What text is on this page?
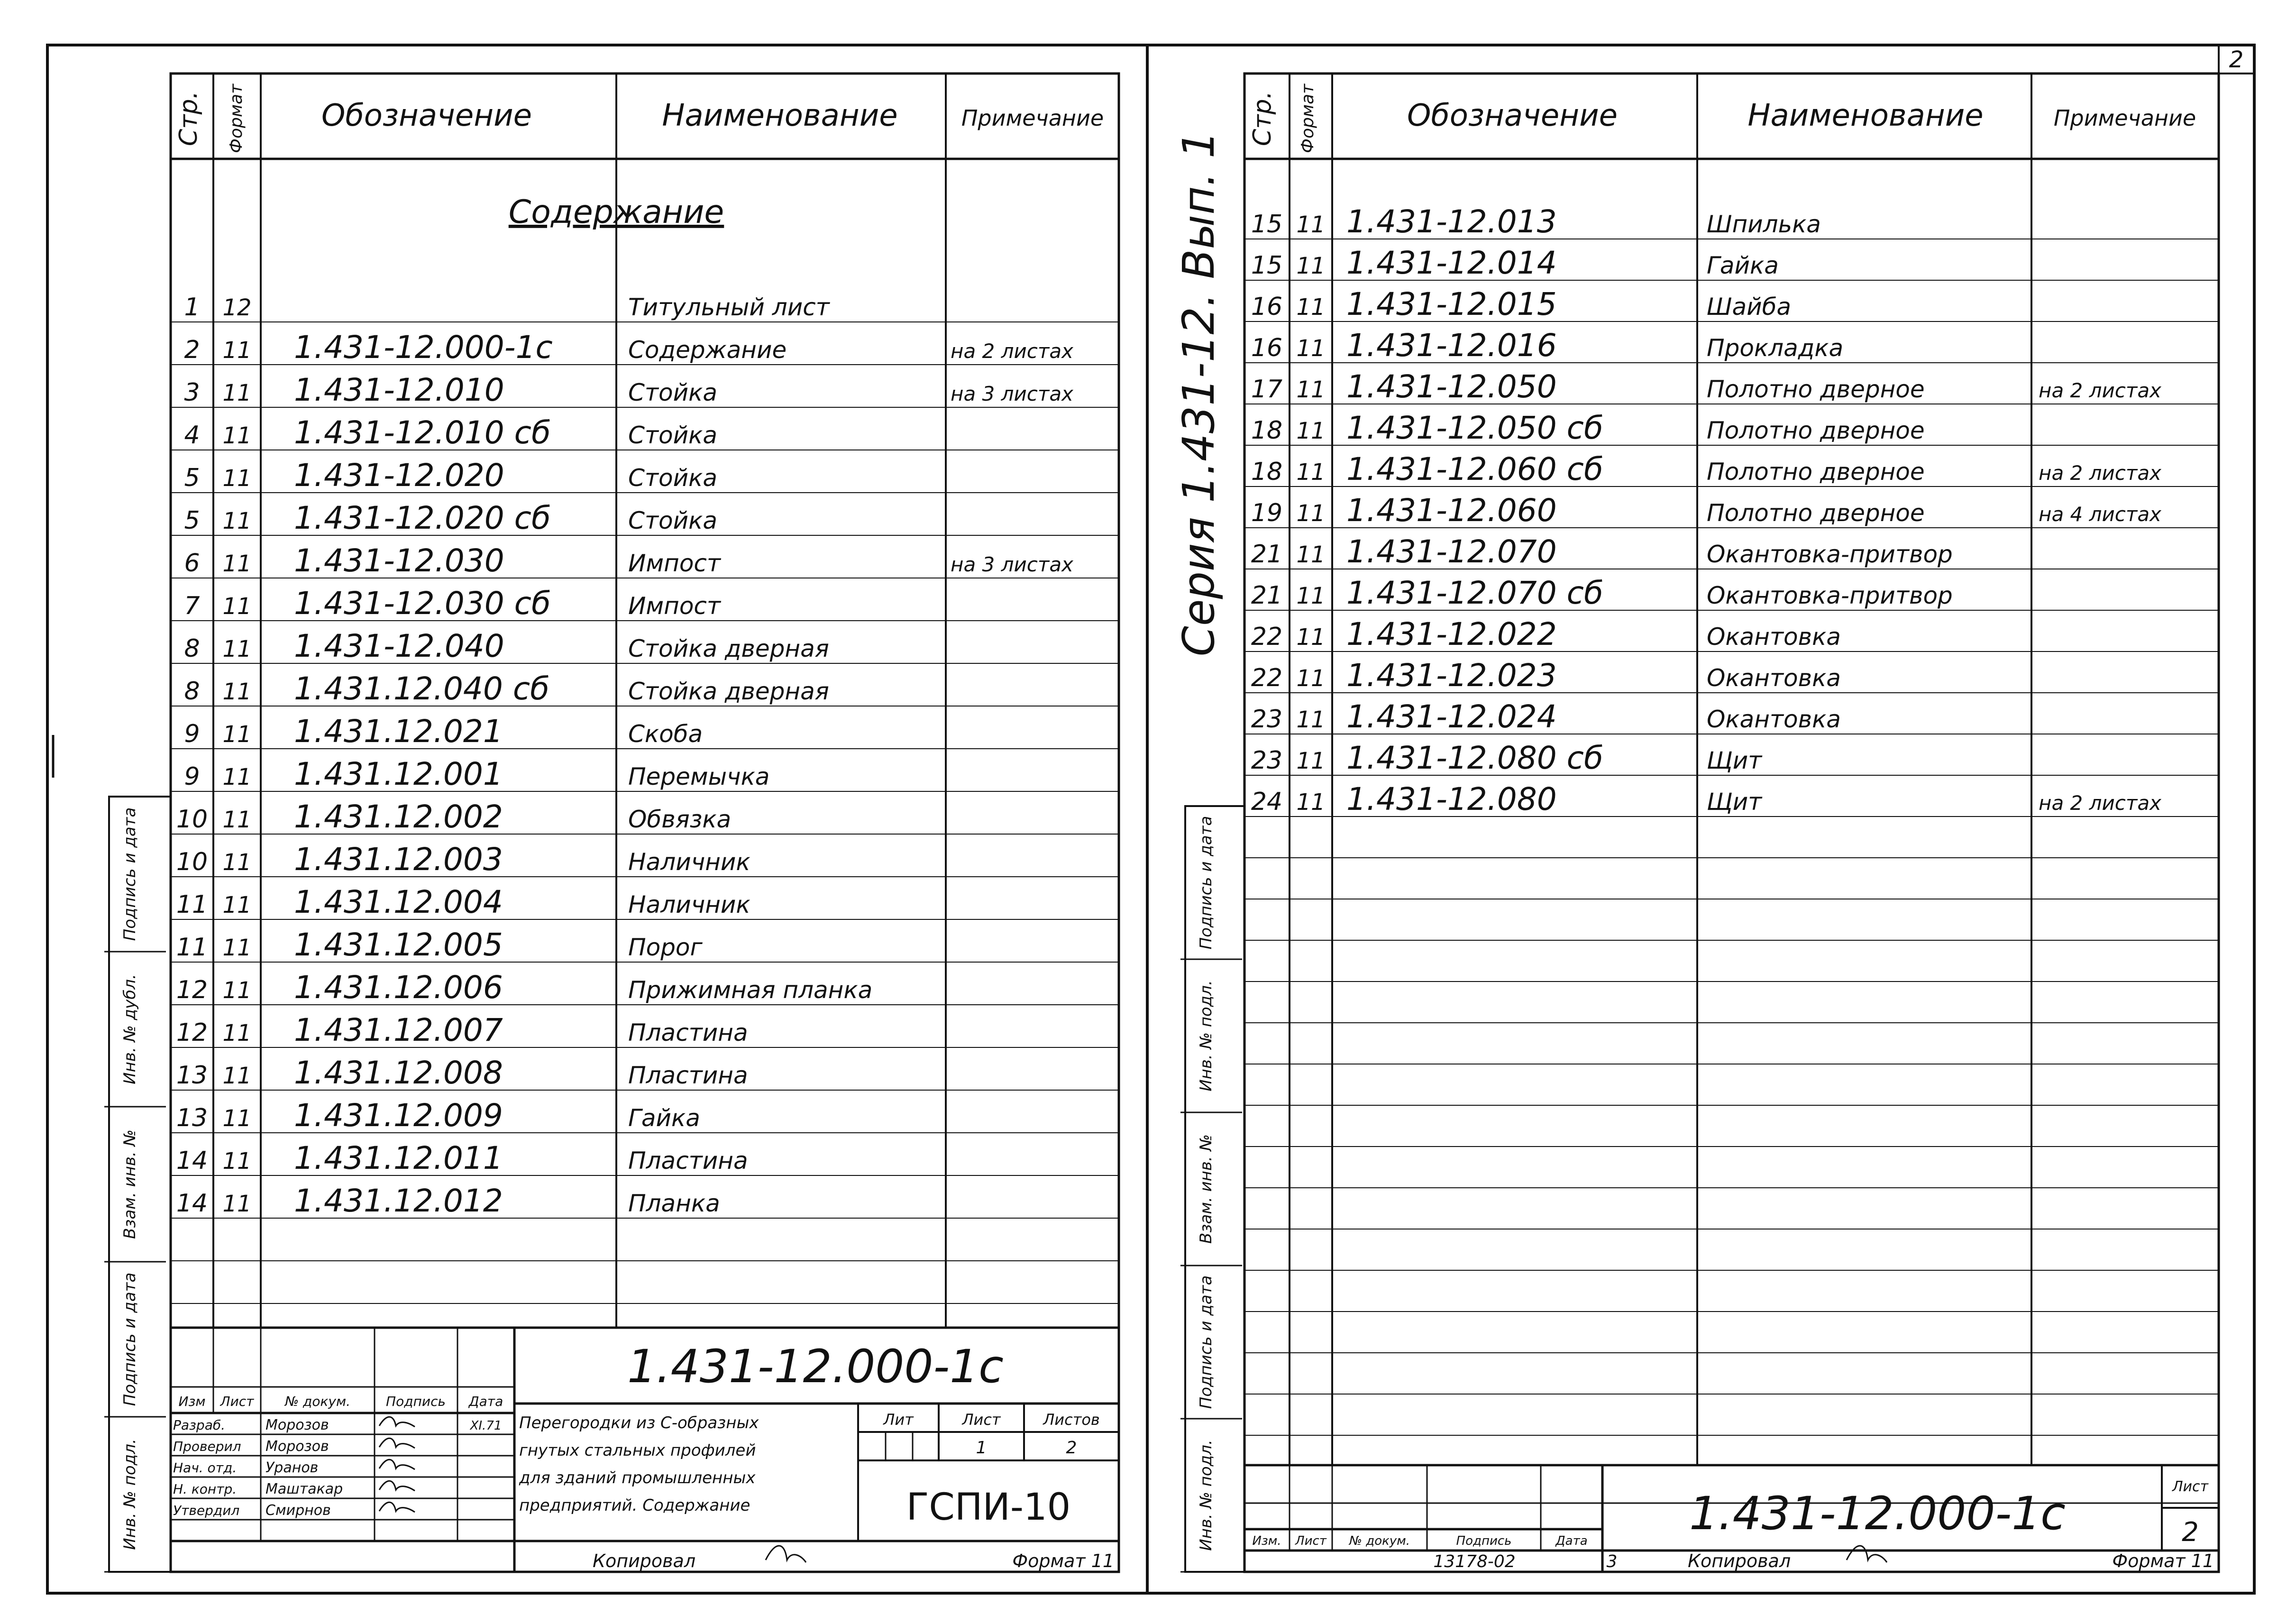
2
Стр. Формат Обозначение	Наименование	Примечание
Содержание
1 12	Титульный лист
2 11 1.431-12.000-1с	Содержание	на 2 листах
3 11 1.431-12.010	Стойка	на 3 листах
4 11 1.431-12.010 сб	Стойка
5 11 1.431-12.020	Стойка
5 11 1.431-12.020 сб	Стойка
6 11 1.431-12.030	Импост	на 3 листах
7 11 1.431-12.030 сб	Импост
8 11 1.431-12.040	Стойка дверная
8 11 1.431.12.040 сб	Стойка дверная
9 11 1.431.12.021	Скоба
9 11 1.431.12.001	Перемычка
10 11 1.431.12.002	Обвязка
10 11 1.431.12.003	Наличник
11 11 1.431.12.004	Наличник
11 11 1.431.12.005	Порог
12 11 1.431.12.006	Прижимная планка
12 11 1.431.12.007	Пластина
13 11 1.431.12.008	Пластина
13 11 1.431.12.009	Гайка
14 11 1.431.12.011	Пластина
14 11 1.431.12.012	Планка
Подпись и дата
Инв. № дубл.
Взам. инв. №
Подпись и дата
Инв. № подл.
1.431-12.000-1с
Изм Лист № докум.	Подпись Дата
Разраб.	Морозов
Проверил Морозов
Нач. отд. Уранов
Н. контр. Маштакар
Утвердил Смирнов
XI.71 Перегородки из С-образных
гнутых стальных профилей
для зданий промышленных
предприятий. Содержание
Лит	Лист	Листов
1	2
ГСПИ-10
Копировал	Формат 11
Серия 1.431-12. Вып. 1
Стр. Формат	Обозначение	Наименование	Примечание
15 11 1.431-12.013	Шпилька
15 11 1.431-12.014	Гайка
16 11 1.431-12.015	Шайба
16 11 1.431-12.016	Прокладка
17 11 1.431-12.050	Полотно дверное	на 2 листах
18 11 1.431-12.050 сб	Полотно дверное
18 11 1.431-12.060 сб	Полотно дверное	на 2 листах
19 11 1.431-12.060	Полотно дверное	на 4 листах
21 11 1.431-12.070	Окантовка-притвор
21 11 1.431-12.070 сб	Окантовка-притвор
22 11 1.431-12.022	Окантовка
22 11 1.431-12.023	Окантовка
23 11 1.431-12.024	Окантовка
23 11 1.431-12.080 сб	Щит
24 11 1.431-12.080	Щит	на 2 листах
Подпись и дата
Инв. № подл.
Взам. инв. №
Подпись и дата
Инв. № подл.	1.431-12.000-1с
Лист
2
Изм. Лист № докум.	Подпись	Дата
13178-02	3	Копировал	Формат 11
